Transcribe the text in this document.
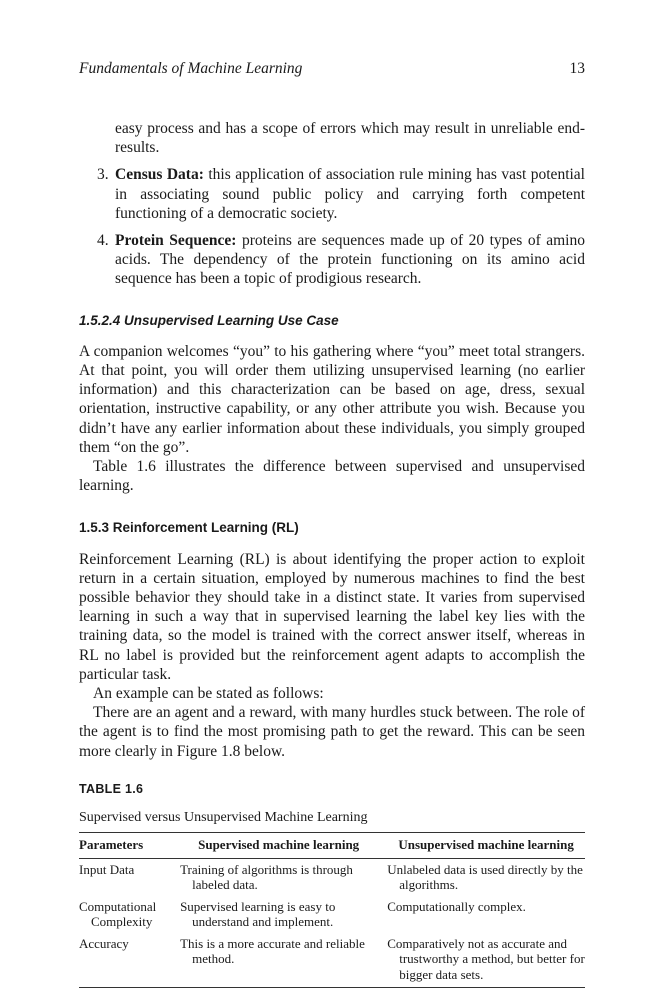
Fundamentals of Machine Learning	13

easy process and has a scope of errors which may result in unreliable end-results.

3. Census Data: this application of association rule mining has vast potential in associating sound public policy and carrying forth competent functioning of a democratic society.
4. Protein Sequence: proteins are sequences made up of 20 types of amino acids. The dependency of the protein functioning on its amino acid sequence has been a topic of prodigious research.
1.5.2.4 Unsupervised Learning Use Case

A companion welcomes “you” to his gathering where “you” meet total strangers. At that point, you will order them utilizing unsupervised learning (no earlier information) and this characterization can be based on age, dress, sexual orientation, instructive capability, or any other attribute you wish. Because you didn’t have any earlier information about these individuals, you simply grouped them “on the go”.

Table 1.6 illustrates the difference between supervised and unsupervised learning.

1.5.3 Reinforcement Learning (RL)

Reinforcement Learning (RL) is about identifying the proper action to exploit return in a certain situation, employed by numerous machines to find the best possible behavior they should take in a distinct state. It varies from supervised learning in such a way that in supervised learning the label key lies with the training data, so the model is trained with the correct answer itself, whereas in RL no label is provided but the reinforcement agent adapts to accomplish the particular task.

An example can be stated as follows:

There are an agent and a reward, with many hurdles stuck between. The role of the agent is to find the most promising path to get the reward. This can be seen more clearly in Figure 1.8 below.

TABLE 1.6
Supervised versus Unsupervised Machine Learning
Parameters	Supervised machine learning	Unsupervised machine learning

Input Data	Training of algorithms is through labeled data.	Unlabeled data is used directly by the algorithms.

Computational Complexity	Supervised learning is easy to understand and implement.	Computationally complex.

Accuracy	This is a more accurate and reliable method.	Comparatively not as accurate and trustworthy a method, but better for bigger data sets.
